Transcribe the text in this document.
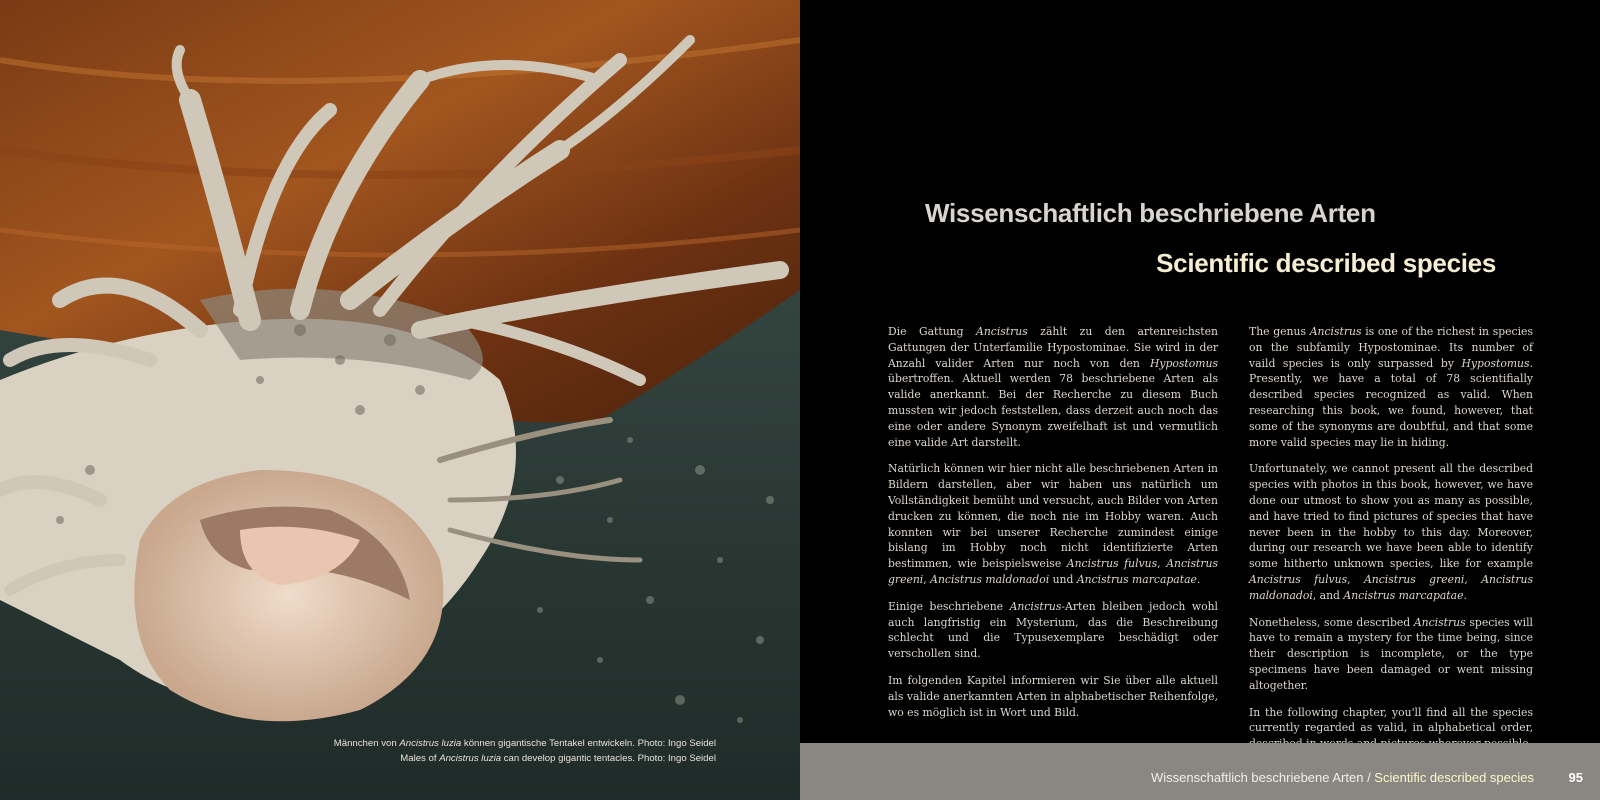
Männchen von Ancistrus luzia können gigantische Tentakel entwickeln. Photo: Ingo Seidel
Males of Ancistrus luzia can develop gigantic tentacles. Photo: Ingo Seidel
Wissenschaftlich beschriebene Arten
Scientific described species

Die Gattung Ancistrus zählt zu den artenreichsten Gattungen der Unterfamilie Hypostominae. Sie wird in der Anzahl valider Arten nur noch von den Hypostomus übertroffen. Aktuell werden 78 beschriebene Arten als valide anerkannt. Bei der Recherche zu diesem Buch mussten wir jedoch feststellen, dass derzeit auch noch das eine oder andere Synonym zweifelhaft ist und vermutlich eine valide Art darstellt.

Natürlich können wir hier nicht alle beschriebenen Arten in Bildern darstellen, aber wir haben uns natürlich um Vollständigkeit bemüht und versucht, auch Bilder von Arten drucken zu können, die noch nie im Hobby waren. Auch konnten wir bei unserer Recherche zumindest einige bislang im Hobby noch nicht identifizierte Arten bestimmen, wie beispielsweise Ancistrus fulvus, Ancistrus greeni, Ancistrus maldonadoi und Ancistrus marcapatae.

Einige beschriebene Ancistrus-Arten bleiben jedoch wohl auch langfristig ein Mysterium, das die Beschreibung schlecht und die Typusexemplare beschädigt oder verschollen sind.

Im folgenden Kapitel informieren wir Sie über alle aktuell als valide anerkannten Arten in alphabetischer Reihenfolge, wo es möglich ist in Wort und Bild.

The genus Ancistrus is one of the richest in species on the subfamily Hypostominae. Its number of vaild species is only surpassed by Hypostomus. Presently, we have a total of 78 scientifially described species recognized as valid. When researching this book, we found, however, that some of the synonyms are doubtful, and that some more valid species may lie in hiding.

Unfortunately, we cannot present all the described species with photos in this book, however, we have done our utmost to show you as many as possible, and have tried to find pictures of species that have never been in the hobby to this day. Moreover, during our research we have been able to identify some hitherto unknown species, like for example Ancistrus fulvus, Ancistrus greeni, Ancistrus maldonadoi, and Ancistrus marcapatae.

Nonetheless, some described Ancistrus species will have to remain a mystery for the time being, since their description is incomplete, or the type specimens have been damaged or went missing altogether.

In the following chapter, you'll find all the species currently regarded as valid, in alphabetical order,

Wissenschaftlich beschriebene Arten / Scientific described species	95
